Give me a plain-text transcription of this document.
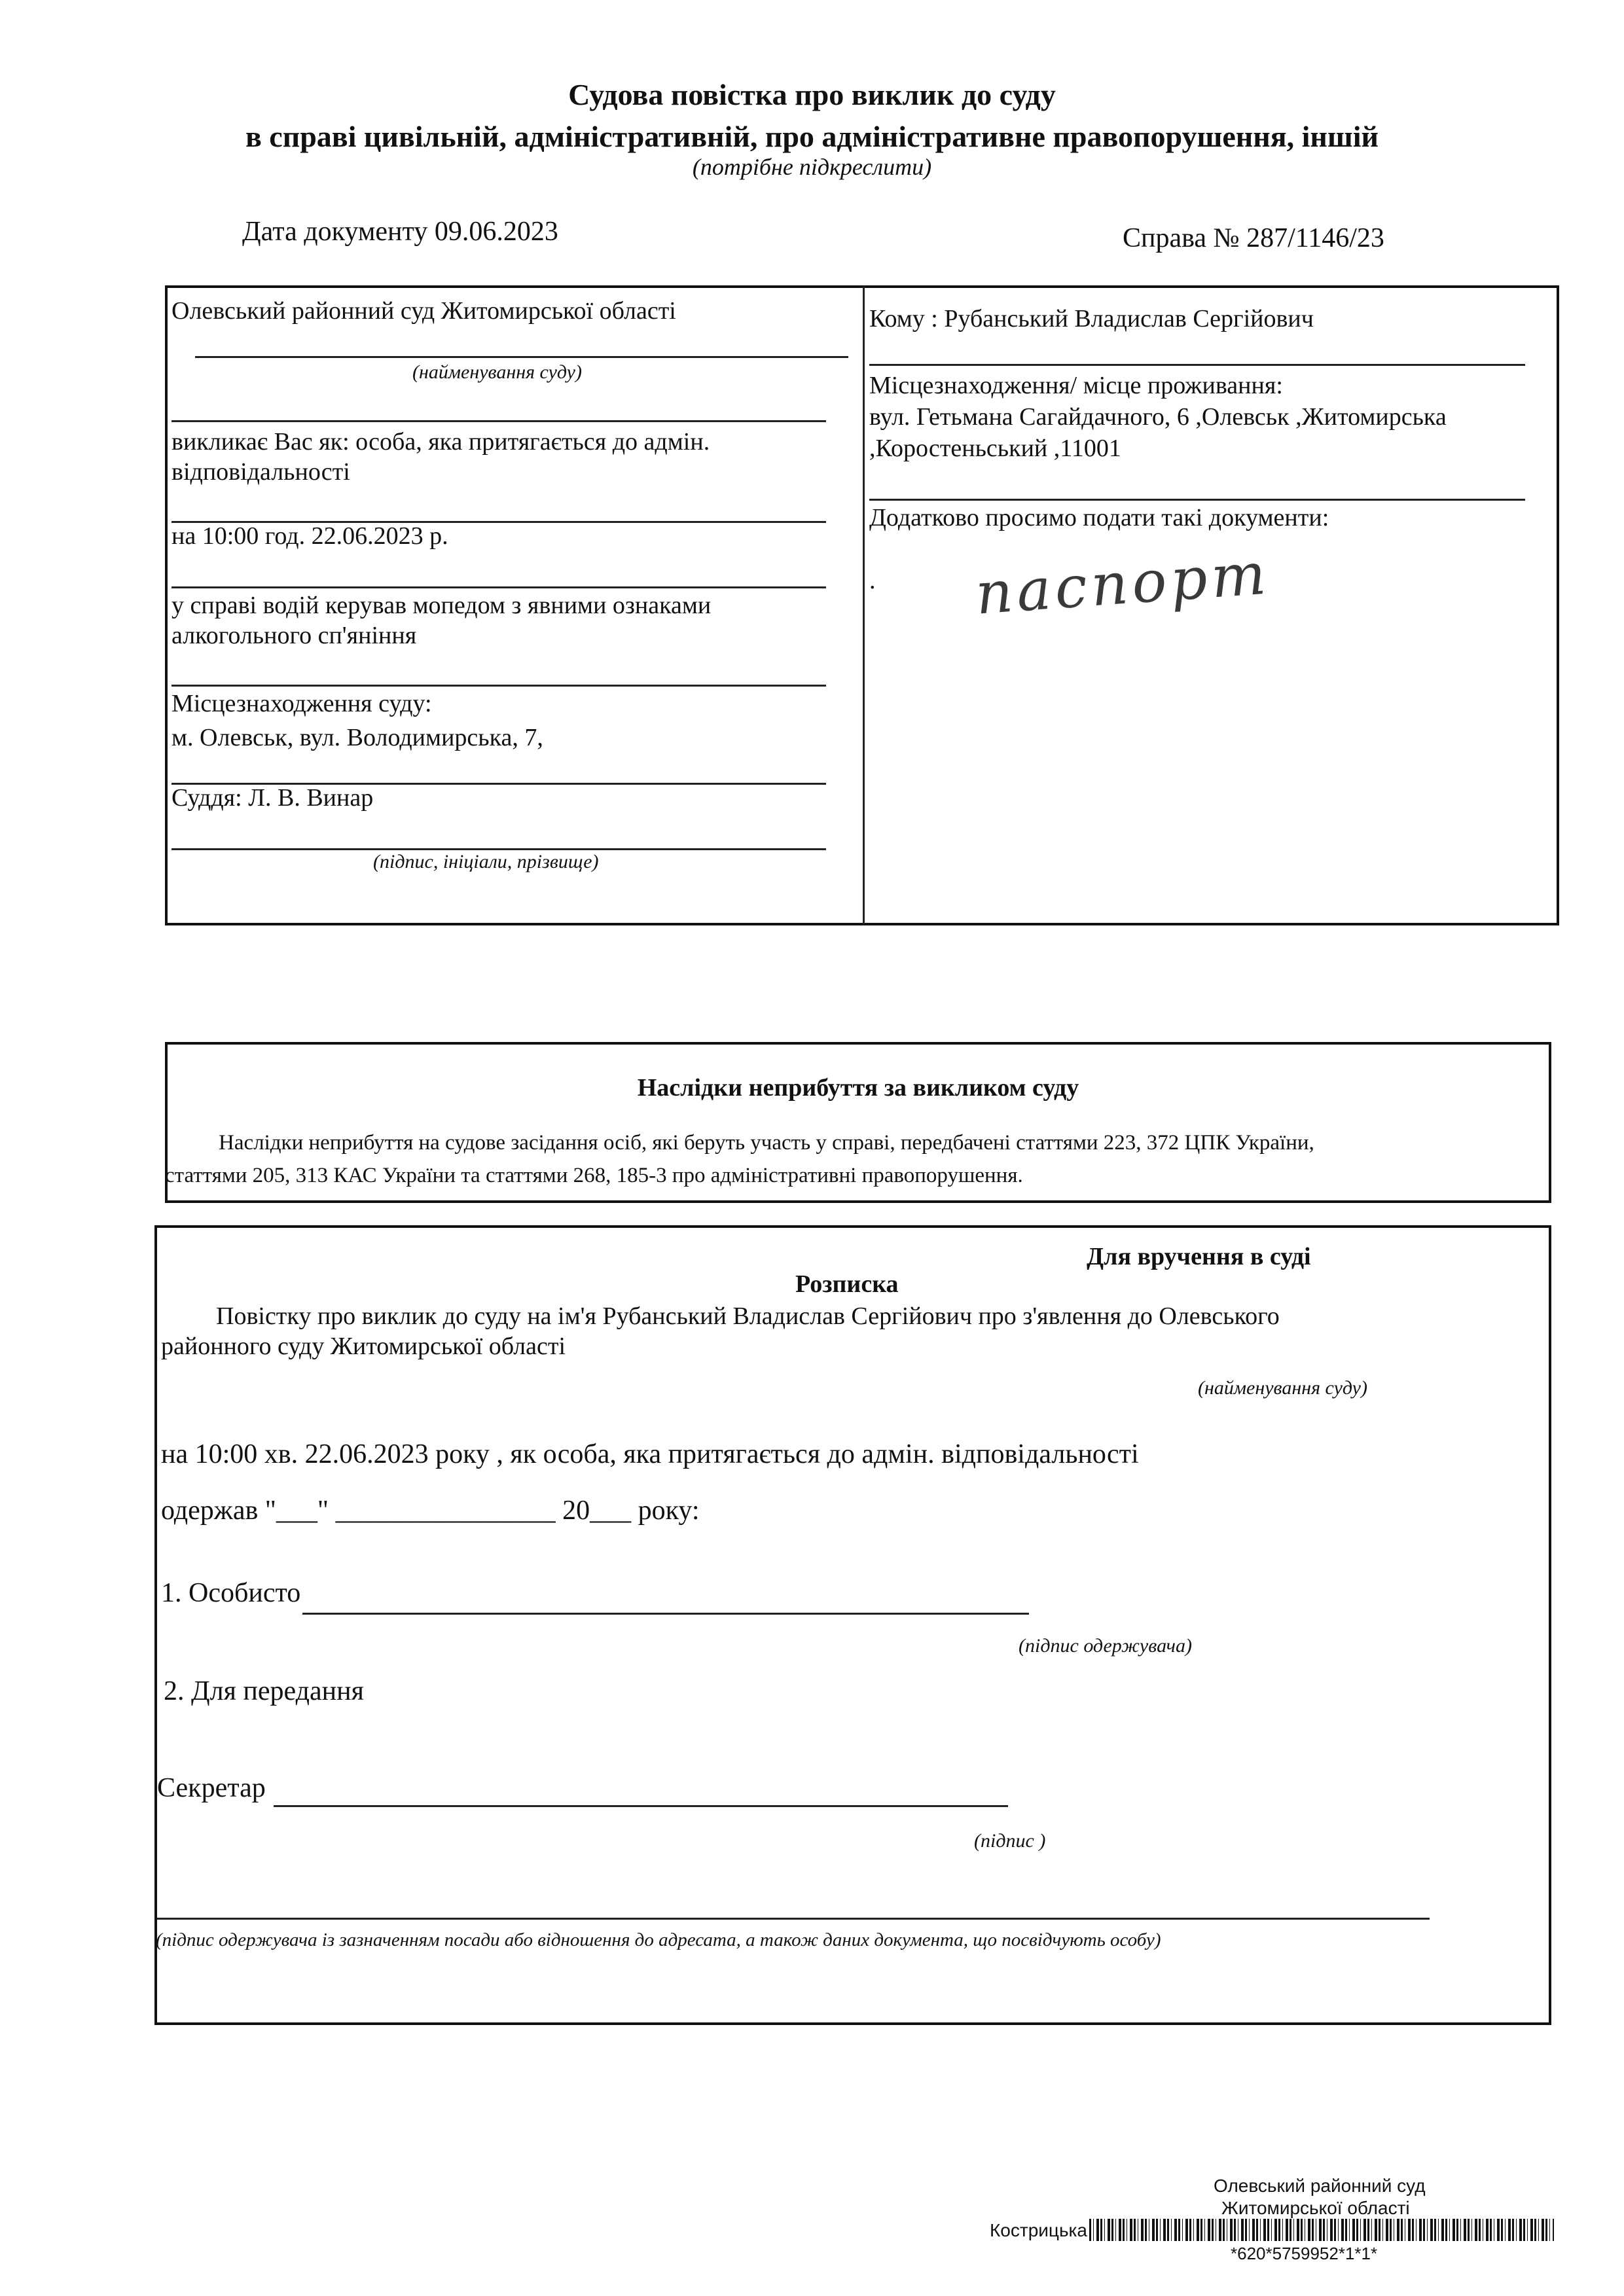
Судова повістка про виклик до суду
в справі цивільній, адміністративній, про адміністративне правопорушення, іншій
(потрібне підкреслити)
Дата документу 09.06.2023	Справа № 287/1146/23
Олевський районний суд Житомирської області
(найменування суду)
викликає Вас як: особа, яка притягається до адмін.
відповідальності
на 10:00 год. 22.06.2023 р.
у справі водій керував мопедом з явними ознаками
алкогольного сп'яніння
Місцезнаходження суду:
м. Олевськ, вул. Володимирська, 7,
Суддя: Л. В. Винар
(підпис, ініціали, прізвище)
Кому : Рубанський Владислав Сергійович
Місцезнаходження/ місце проживання:
вул. Гетьмана Сагайдачного, 6 ,Олевськ ,Житомирська
,Коростеньський ,11001
Додатково просимо подати такі документи:
. паспорт
Наслідки неприбуття за викликом суду
Наслідки неприбуття на судове засідання осіб, які беруть участь у справі, передбачені статтями 223, 372 ЦПК України,
статтями 205, 313 КАС України та статтями 268, 185-3 про адміністративні правопорушення.
Для вручення в суді
Розписка
Повістку про виклик до суду на ім'я Рубанський Владислав Сергійович про з'явлення до Олевського
районного суду Житомирської області
(найменування суду)
на 10:00 хв. 22.06.2023 року , як особа, яка притягається до адмін. відповідальності
одержав "___" ________________ 20___ року:
1. Особисто
(підпис одержувача)
2. Для передання
Секретар
(підпис )
(підпис одержувача із зазначенням посади або відношення до адресата, а також даних документа, що посвідчують особу)
Олевський районний суд
Житомирської області
Кострицька
*620*5759952*1*1*
